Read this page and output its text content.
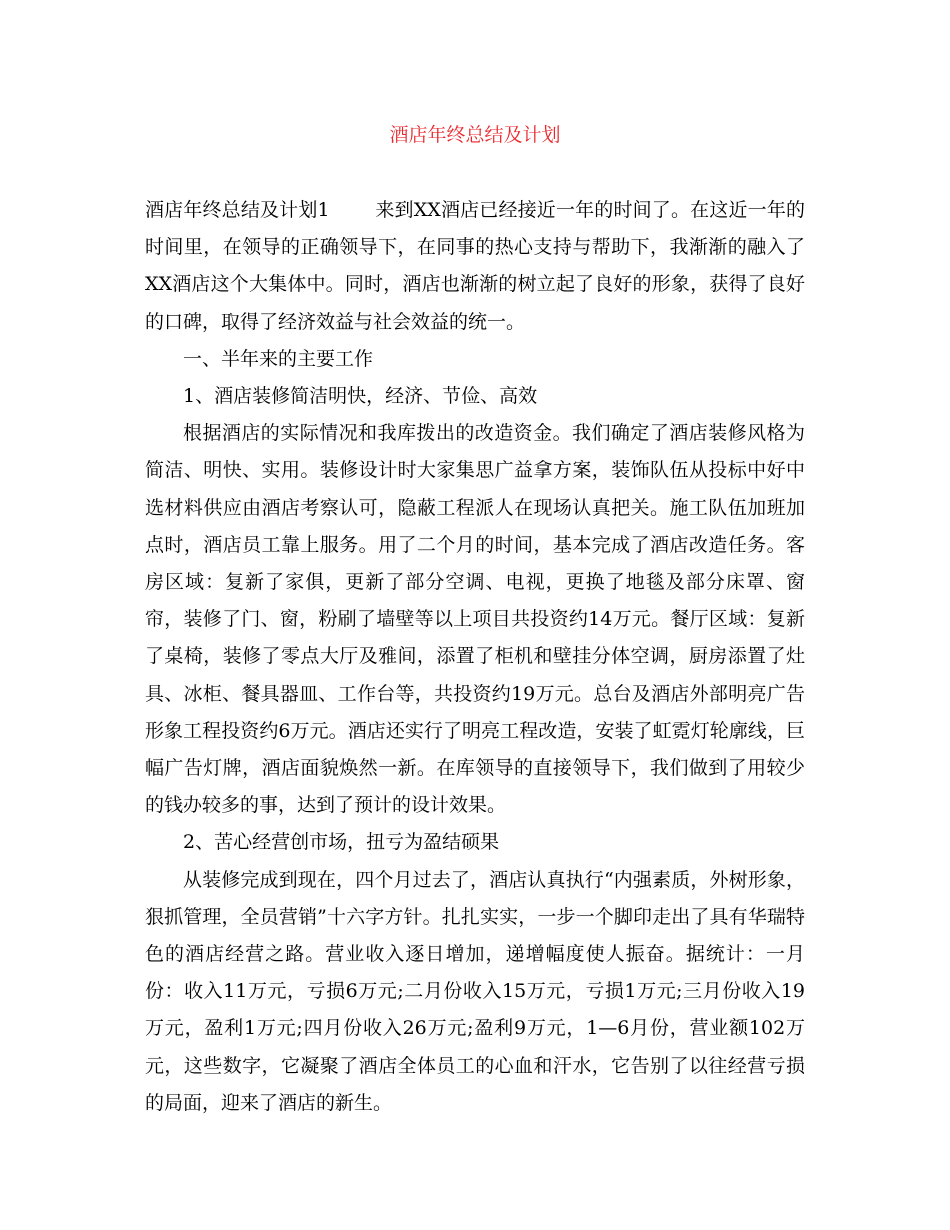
酒店年终总结及计划

酒店年终总结及计划1 来到XX酒店已经接近一年的时间了。在这近一年的时间里，在领导的正确领导下，在同事的热心支持与帮助下，我渐渐的融入了XX酒店这个大集体中。同时，酒店也渐渐的树立起了良好的形象，获得了良好的口碑，取得了经济效益与社会效益的统一。

一、半年来的主要工作

1、酒店装修简洁明快，经济、节俭、高效

根据酒店的实际情况和我库拨出的改造资金。我们确定了酒店装修风格为简洁、明快、实用。装修设计时大家集思广益拿方案，装饰队伍从投标中好中选材料供应由酒店考察认可，隐蔽工程派人在现场认真把关。施工队伍加班加点时，酒店员工靠上服务。用了二个月的时间，基本完成了酒店改造任务。客房区域：复新了家俱，更新了部分空调、电视，更换了地毯及部分床罩、窗帘，装修了门、窗，粉刷了墙壁等以上项目共投资约14万元。餐厅区域：复新了桌椅，装修了零点大厅及雅间，添置了柜机和壁挂分体空调，厨房添置了灶具、冰柜、餐具器皿、工作台等，共投资约19万元。总台及酒店外部明亮广告形象工程投资约6万元。酒店还实行了明亮工程改造，安装了虹霓灯轮廓线，巨幅广告灯牌，酒店面貌焕然一新。在库领导的直接领导下，我们做到了用较少的钱办较多的事，达到了预计的设计效果。

2、苦心经营创市场，扭亏为盈结硕果

从装修完成到现在，四个月过去了，酒店认真执行“内强素质，外树形象，狠抓管理，全员营销”十六字方针。扎扎实实，一步一个脚印走出了具有华瑞特色的酒店经营之路。营业收入逐日增加，递增幅度使人振奋。据统计：一月份：收入11万元，亏损6万元;二月份收入15万元，亏损1万元;三月份收入19万元，盈利1万元;四月份收入26万元;盈利9万元，1—6月份，营业额102万元，这些数字，它凝聚了酒店全体员工的心血和汗水，它告别了以往经营亏损的局面，迎来了酒店的新生。
